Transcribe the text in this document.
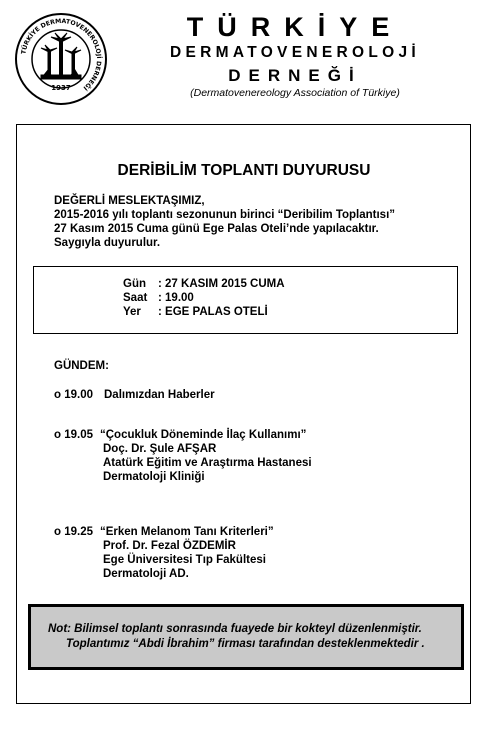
TÜRKİYE DERMATOVENEROLOJİ DERNEĞİ
1937
TÜRKİYE
DERMATOVENEROLOJİ
DERNEĞİ
(Dermatovenereology Association of Türkiye)
DERİBİLİM TOPLANTI DUYURUSU
DEĞERLİ MESLEKTAŞIMIZ,
2015-2016 yılı toplantı sezonunun birinci “Deribilim Toplantısı”
27 Kasım 2015 Cuma günü Ege Palas Oteli’nde yapılacaktır.
Saygıyla duyurulur.
Gün : 27 KASIM 2015 CUMA
Saat : 19.00
Yer : EGE PALAS OTELİ
GÜNDEM:
o 19.00 Dalımızdan Haberler
o 19.05 “Çocukluk Döneminde İlaç Kullanımı”
Doç. Dr. Şule AFŞAR
Atatürk Eğitim ve Araştırma Hastanesi
Dermatoloji Kliniği
o 19.25 “Erken Melanom Tanı Kriterleri”
Prof. Dr. Fezal ÖZDEMİR
Ege Üniversitesi Tıp Fakültesi
Dermatoloji AD.
Not: Bilimsel toplantı sonrasında fuayede bir kokteyl düzenlenmiştir.
Toplantımız “Abdi İbrahim” firması tarafından desteklenmektedir .
